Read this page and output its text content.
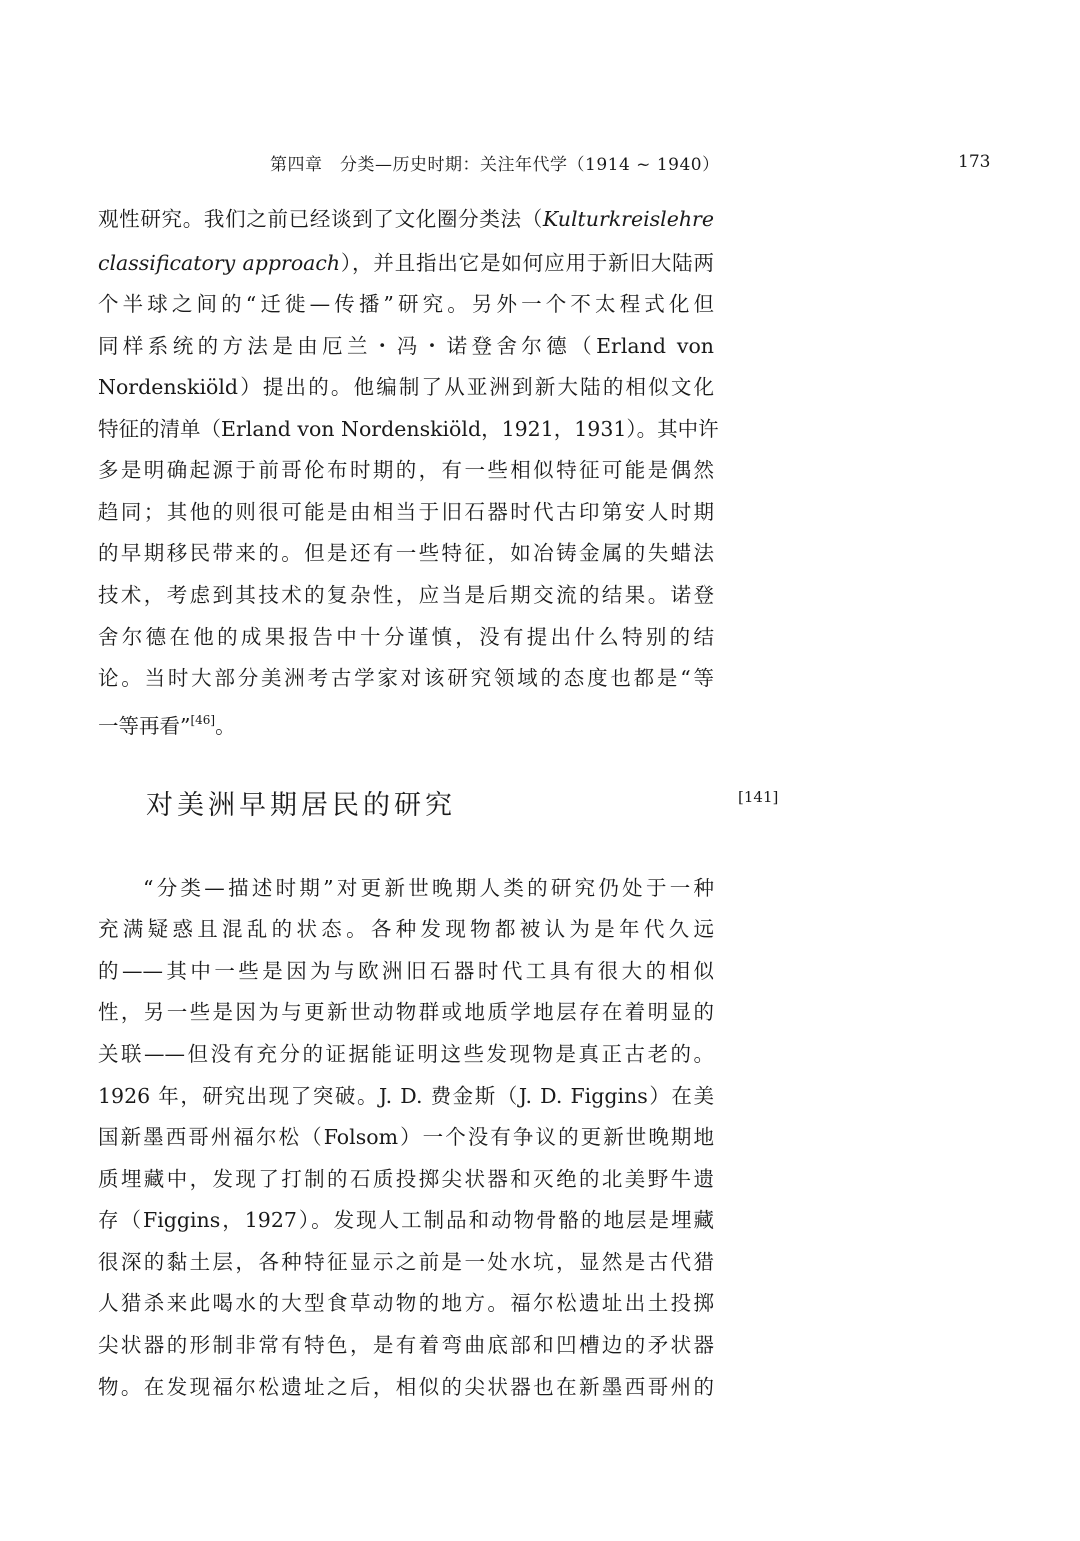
第四章　分类—历史时期：关注年代学（1914 ~ 1940）	173
观性研究。我们之前已经谈到了文化圈分类法（Kulturkreislehre
classificatory approach），并且指出它是如何应用于新旧大陆两
个半球之间的“迁徙—传播”研究。另外一个不太程式化但
同样系统的方法是由厄兰・冯・诺登舍尔德（Erland von
Nordenskiöld）提出的。他编制了从亚洲到新大陆的相似文化
特征的清单（Erland von Nordenskiöld，1921，1931）。其中许
多是明确起源于前哥伦布时期的，有一些相似特征可能是偶然
趋同；其他的则很可能是由相当于旧石器时代古印第安人时期
的早期移民带来的。但是还有一些特征，如冶铸金属的失蜡法
技术，考虑到其技术的复杂性，应当是后期交流的结果。诺登
舍尔德在他的成果报告中十分谨慎，没有提出什么特别的结
论。当时大部分美洲考古学家对该研究领域的态度也都是“等
一等再看”[46]。
对美洲早期居民的研究	[141]
“分类—描述时期”对更新世晚期人类的研究仍处于一种
充满疑惑且混乱的状态。各种发现物都被认为是年代久远
的——其中一些是因为与欧洲旧石器时代工具有很大的相似
性，另一些是因为与更新世动物群或地质学地层存在着明显的
关联——但没有充分的证据能证明这些发现物是真正古老的。
1926 年，研究出现了突破。J. D. 费金斯（J. D. Figgins）在美
国新墨西哥州福尔松（Folsom）一个没有争议的更新世晚期地
质埋藏中，发现了打制的石质投掷尖状器和灭绝的北美野牛遗
存（Figgins，1927）。发现人工制品和动物骨骼的地层是埋藏
很深的黏土层，各种特征显示之前是一处水坑，显然是古代猎
人猎杀来此喝水的大型食草动物的地方。福尔松遗址出土投掷
尖状器的形制非常有特色，是有着弯曲底部和凹槽边的矛状器
物。在发现福尔松遗址之后，相似的尖状器也在新墨西哥州的
